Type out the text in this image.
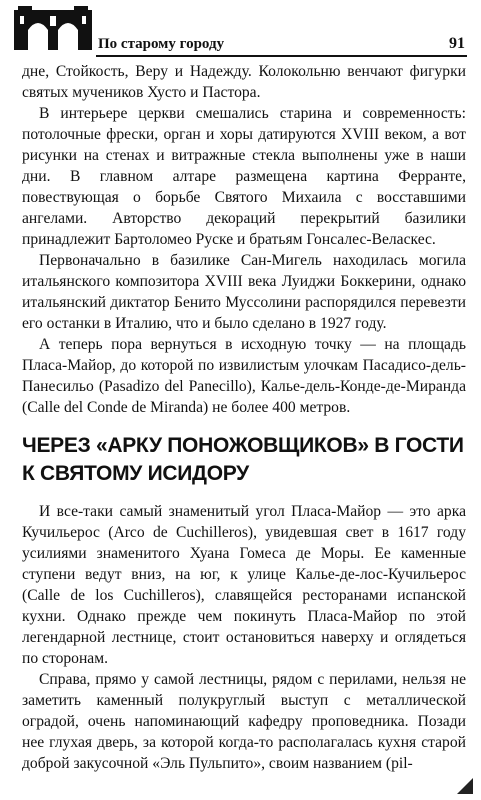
По старому городу	91

дне, Стойкость, Веру и Надежду. Колокольню венчают фигурки святых мучеников Хусто и Пастора.

В интерьере церкви смешались старина и современность: потолочные фрески, орган и хоры датируются XVIII веком, а вот рисунки на стенах и витражные стекла выполнены уже в наши дни. В главном алтаре размещена картина Ферранте, повествующая о борьбе Святого Михаила с восставшими ангелами. Авторство декораций перекрытий базилики принадлежит Бартоломео Руске и братьям Гонсалес-Веласкес.

Первоначально в базилике Сан-Мигель находилась могила итальянского композитора XVIII века Луиджи Боккерини, однако итальянский диктатор Бенито Муссолини распорядился перевезти его останки в Италию, что и было сделано в 1927 году.

А теперь пора вернуться в исходную точку — на площадь Пласа-Майор, до которой по извилистым улочкам Пасадисо-дель-Панесильо (Pasadizo del Panecillo), Калье-дель-Конде-де-Миранда (Calle del Conde de Miranda) не более 400 метров.

ЧЕРЕЗ «АРКУ ПОНОЖОВЩИКОВ» В ГОСТИ К СВЯТОМУ ИСИДОРУ

И все-таки самый знаменитый угол Пласа-Майор — это арка Кучильерос (Arco de Cuchilleros), увидевшая свет в 1617 году усилиями знаменитого Хуана Гомеса де Моры. Ее каменные ступени ведут вниз, на юг, к улице Калье-де-лос-Кучильерос (Calle de los Cuchilleros), славящейся ресторанами испанской кухни. Однако прежде чем покинуть Пласа-Майор по этой легендарной лестнице, стоит остановиться наверху и оглядеться по сторонам.

Справа, прямо у самой лестницы, рядом с перилами, нельзя не заметить каменный полукруглый выступ с металлической оградой, очень напоминающий кафедру проповедника. Позади нее глухая дверь, за которой когда-то располагалась кухня старой доброй закусочной «Эль Пульпито», своим названием (pil-
